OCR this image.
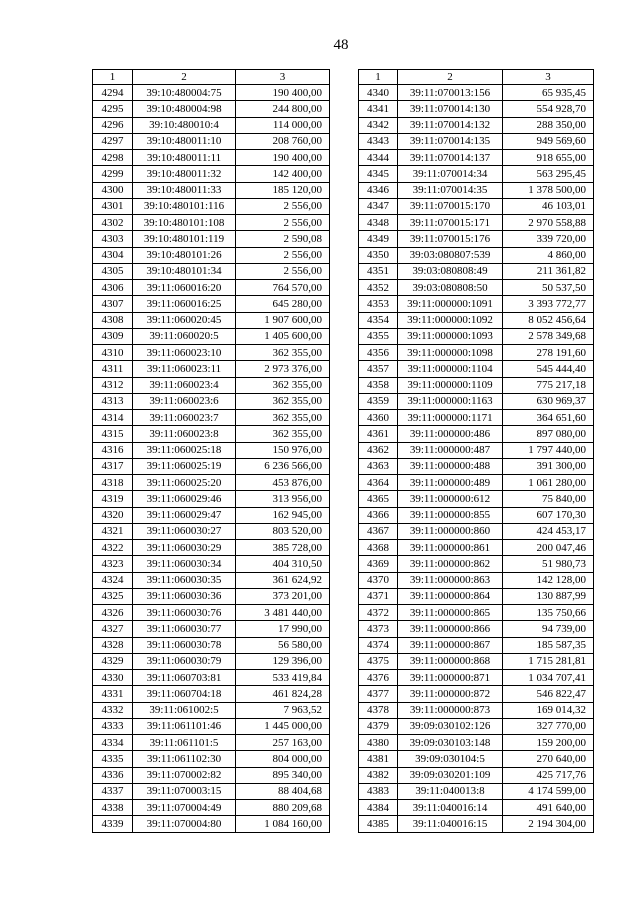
48
1	2	3
4294	39:10:480004:75	190 400,00
4295	39:10:480004:98	244 800,00
4296	39:10:480010:4	114 000,00
4297	39:10:480011:10	208 760,00
4298	39:10:480011:11	190 400,00
4299	39:10:480011:32	142 400,00
4300	39:10:480011:33	185 120,00
4301	39:10:480101:116	2 556,00
4302	39:10:480101:108	2 556,00
4303	39:10:480101:119	2 590,08
4304	39:10:480101:26	2 556,00
4305	39:10:480101:34	2 556,00
4306	39:11:060016:20	764 570,00
4307	39:11:060016:25	645 280,00
4308	39:11:060020:45	1 907 600,00
4309	39:11:060020:5	1 405 600,00
4310	39:11:060023:10	362 355,00
4311	39:11:060023:11	2 973 376,00
4312	39:11:060023:4	362 355,00
4313	39:11:060023:6	362 355,00
4314	39:11:060023:7	362 355,00
4315	39:11:060023:8	362 355,00
4316	39:11:060025:18	150 976,00
4317	39:11:060025:19	6 236 566,00
4318	39:11:060025:20	453 876,00
4319	39:11:060029:46	313 956,00
4320	39:11:060029:47	162 945,00
4321	39:11:060030:27	803 520,00
4322	39:11:060030:29	385 728,00
4323	39:11:060030:34	404 310,50
4324	39:11:060030:35	361 624,92
4325	39:11:060030:36	373 201,00
4326	39:11:060030:76	3 481 440,00
4327	39:11:060030:77	17 990,00
4328	39:11:060030:78	56 580,00
4329	39:11:060030:79	129 396,00
4330	39:11:060703:81	533 419,84
4331	39:11:060704:18	461 824,28
4332	39:11:061002:5	7 963,52
4333	39:11:061101:46	1 445 000,00
4334	39:11:061101:5	257 163,00
4335	39:11:061102:30	804 000,00
4336	39:11:070002:82	895 340,00
4337	39:11:070003:15	88 404,68
4338	39:11:070004:49	880 209,68
4339	39:11:070004:80	1 084 160,00
1	2	3
4340	39:11:070013:156	65 935,45
4341	39:11:070014:130	554 928,70
4342	39:11:070014:132	288 350,00
4343	39:11:070014:135	949 569,60
4344	39:11:070014:137	918 655,00
4345	39:11:070014:34	563 295,45
4346	39:11:070014:35	1 378 500,00
4347	39:11:070015:170	46 103,01
4348	39:11:070015:171	2 970 558,88
4349	39:11:070015:176	339 720,00
4350	39:03:080807:539	4 860,00
4351	39:03:080808:49	211 361,82
4352	39:03:080808:50	50 537,50
4353	39:11:000000:1091	3 393 772,77
4354	39:11:000000:1092	8 052 456,64
4355	39:11:000000:1093	2 578 349,68
4356	39:11:000000:1098	278 191,60
4357	39:11:000000:1104	545 444,40
4358	39:11:000000:1109	775 217,18
4359	39:11:000000:1163	630 969,37
4360	39:11:000000:1171	364 651,60
4361	39:11:000000:486	897 080,00
4362	39:11:000000:487	1 797 440,00
4363	39:11:000000:488	391 300,00
4364	39:11:000000:489	1 061 280,00
4365	39:11:000000:612	75 840,00
4366	39:11:000000:855	607 170,30
4367	39:11:000000:860	424 453,17
4368	39:11:000000:861	200 047,46
4369	39:11:000000:862	51 980,73
4370	39:11:000000:863	142 128,00
4371	39:11:000000:864	130 887,99
4372	39:11:000000:865	135 750,66
4373	39:11:000000:866	94 739,00
4374	39:11:000000:867	185 587,35
4375	39:11:000000:868	1 715 281,81
4376	39:11:000000:871	1 034 707,41
4377	39:11:000000:872	546 822,47
4378	39:11:000000:873	169 014,32
4379	39:09:030102:126	327 770,00
4380	39:09:030103:148	159 200,00
4381	39:09:030104:5	270 640,00
4382	39:09:030201:109	425 717,76
4383	39:11:040013:8	4 174 599,00
4384	39:11:040016:14	491 640,00
4385	39:11:040016:15	2 194 304,00
